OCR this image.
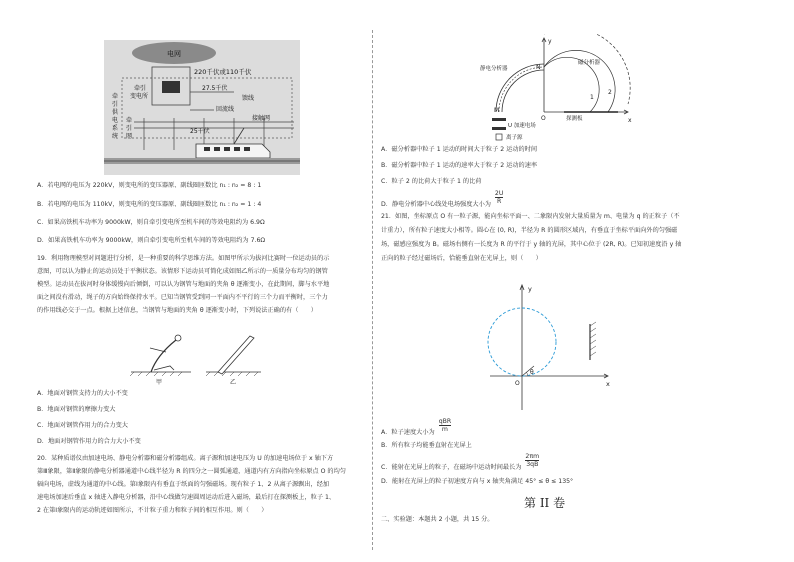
电网
220千伏或110千伏
牵引
变电所
27.5千伏
馈线
回流线
牵
引
供
电
系
统
牵
引
网
接触网
25千伏
A．若电网的电压为 220kV，则变电所的变压器原、副线圈匝数比 n₁ : n₂ = 8 : 1
B．若电网的电压为 110kV，则变电所的变压器原、副线圈匝数比 n₁ : n₂ = 1 : 4
C．如果高铁机车功率为 9000kW，则自牵引变电所至机车间的等效电阻约为 6.9Ω
D．如果高铁机车功率为 9000kW，则自牵引变电所至机车间的等效电阻约为 7.6Ω
19．利用物理模型对问题进行分析，是一种重要的科学思维方法。如图甲所示为拔河比赛时一位运动员的示
意图，可以认为静止的运动员处于平衡状态。该情形下运动员可简化成如图乙所示的一质量分布均匀的钢管
模型。运动员在拔河时身体缓慢向后倾倒，可以认为钢管与地面的夹角 θ 逐渐变小，在此期间，脚与水平地
面之间没有滑动，绳子的方向始终保持水平。已知当钢管受到同一平面内不平行的三个力而平衡时，三个力
的作用线必交于一点。根据上述信息，当钢管与地面的夹角 θ 逐渐变小时，下列说法正确的有（　　）
甲	乙
A．地面对钢管支持力的大小不变
B．地面对钢管的摩擦力变大
C．地面对钢管作用力的合力变大
D．地面对钢管作用力的合力大小不变
20．某种质谱仪由加速电场、静电分析器和磁分析器组成。离子源和加速电压为 U 的加速电场位于 x 轴下方
第Ⅲ象限，第Ⅱ象限的静电分析器通道中心线半径为 R 的四分之一圆弧通道，通道内有方向指向坐标原点 O 的均匀
辐向电场，虚线为通道的中心线。第Ⅰ象限内有垂直于纸面的匀强磁场。现有粒子 1、2 从离子源飘出，经加
速电场加速后垂直 x 轴进入静电分析器，沿中心线做匀速圆周运动后进入磁场，最后打在探测板上，粒子 1、
2 在第Ⅰ象限内的运动轨迹如图所示，不计粒子重力和粒子间的相互作用。则（　　）
y
x
O
N
M
1
2
静电分析器
磁分析器
探测板
U 加速电场
离子源
A．磁分析器中粒子 1 运动的时间大于粒子 2 运动的时间
B．磁分析器中粒子 1 运动的速率大于粒子 2 运动的速率
C．粒子 2 的比荷大于粒子 1 的比荷
D．静电分析器中心线处电场强度大小为 $\frac{2U}{R}$
21．如图，坐标原点 O 有一粒子源，能向坐标平面一、二象限内发射大量质量为 m、电量为 q 的正粒子（不
计重力），所有粒子速度大小相等。圆心在 (0, R)，半径为 R 的圆形区域内，有垂直于坐标平面向外的匀强磁
场，磁感应强度为 B。磁场右侧有一长度为 R 的平行于 y 轴的光屏，其中心位于 (2R, R)。已知初速度沿 y 轴
正向的粒子经过磁场后，恰能垂直射在光屏上，则（　　）
y
x
O
θ
A．粒子速度大小为
qBR
m
B．所有粒子均能垂直射在光屏上
C．能射在光屏上的粒子，在磁场中运动时间最长为 $\frac{2\pi m}{3qB}$
D．能射在光屏上的粒子初速度方向与 x 轴夹角满足 45° ≤ θ ≤ 135°
第 II 卷
二、实验题：本题共 2 小题，共 15 分。
